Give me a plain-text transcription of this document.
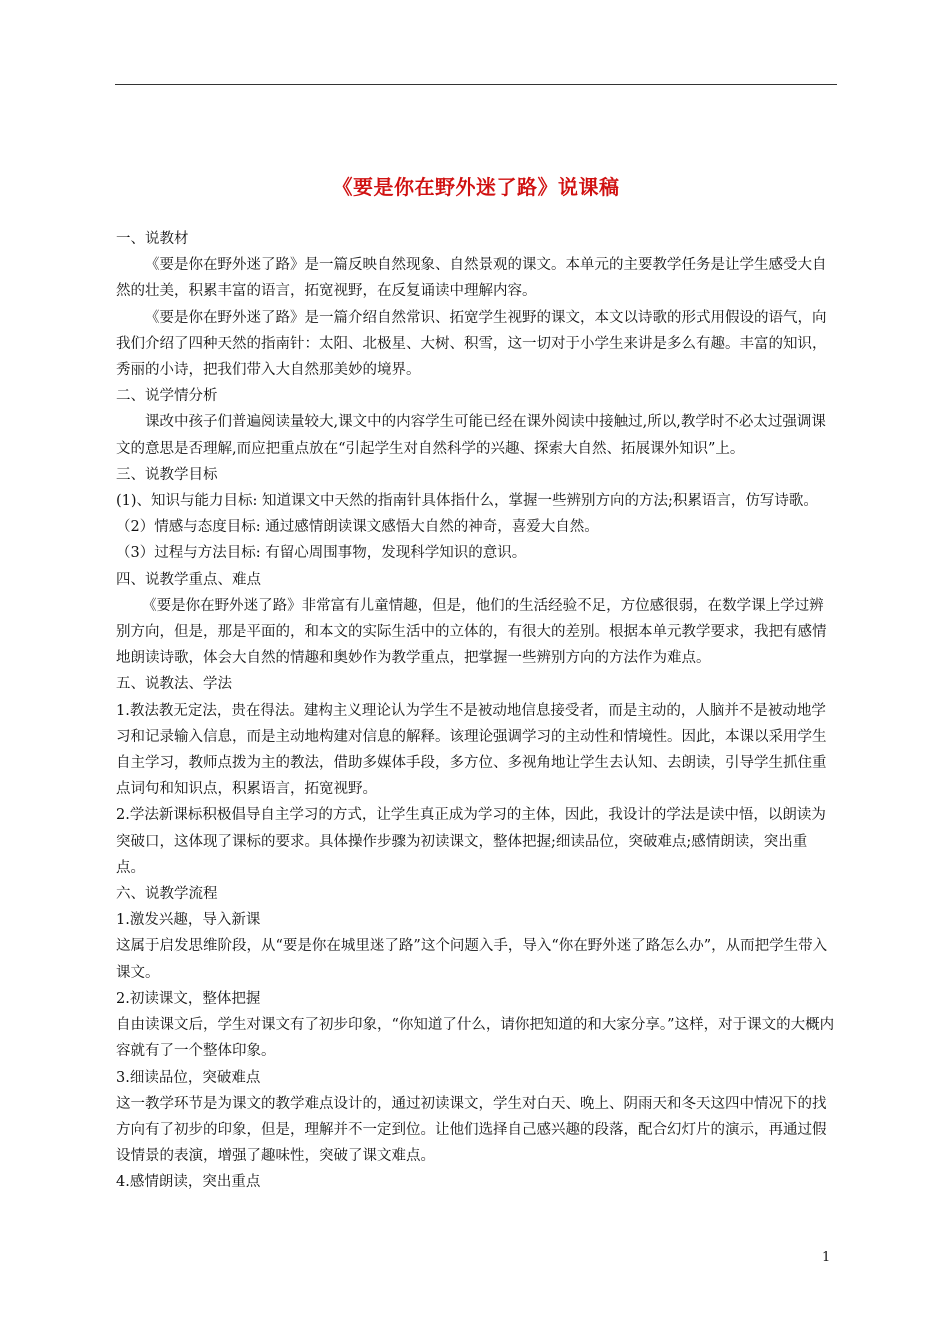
《要是你在野外迷了路》说课稿

一、说教材

《要是你在野外迷了路》是一篇反映自然现象、自然景观的课文。本单元的主要教学任务是让学生感受大自然的壮美，积累丰富的语言，拓宽视野，在反复诵读中理解内容。

《要是你在野外迷了路》是一篇介绍自然常识、拓宽学生视野的课文，本文以诗歌的形式用假设的语气，向我们介绍了四种天然的指南针：太阳、北极星、大树、积雪，这一切对于小学生来讲是多么有趣。丰富的知识，秀丽的小诗，把我们带入大自然那美妙的境界。

二、说学情分析

课改中孩子们普遍阅读量较大,课文中的内容学生可能已经在课外阅读中接触过,所以,教学时不必太过强调课文的意思是否理解,而应把重点放在“引起学生对自然科学的兴趣、探索大自然、拓展课外知识”上。

三、说教学目标

(1)、知识与能力目标: 知道课文中天然的指南针具体指什么，掌握一些辨别方向的方法;积累语言，仿写诗歌。

（2）情感与态度目标: 通过感情朗读课文感悟大自然的神奇，喜爱大自然。

（3）过程与方法目标: 有留心周围事物，发现科学知识的意识。

四、说教学重点、难点

《要是你在野外迷了路》非常富有儿童情趣，但是，他们的生活经验不足，方位感很弱，在数学课上学过辨别方向，但是，那是平面的，和本文的实际生活中的立体的，有很大的差别。根据本单元教学要求，我把有感情地朗读诗歌，体会大自然的情趣和奥妙作为教学重点，把掌握一些辨别方向的方法作为难点。

五、说教法、学法

1.教法教无定法，贵在得法。建构主义理论认为学生不是被动地信息接受者，而是主动的，人脑并不是被动地学习和记录输入信息，而是主动地构建对信息的解释。该理论强调学习的主动性和情境性。因此，本课以采用学生自主学习，教师点拨为主的教法，借助多媒体手段，多方位、多视角地让学生去认知、去朗读，引导学生抓住重点词句和知识点，积累语言，拓宽视野。

2.学法新课标积极倡导自主学习的方式，让学生真正成为学习的主体，因此，我设计的学法是读中悟，以朗读为突破口，这体现了课标的要求。具体操作步骤为初读课文，整体把握;细读品位，突破难点;感情朗读，突出重点。

六、说教学流程

1.激发兴趣，导入新课

这属于启发思维阶段，从“要是你在城里迷了路”这个问题入手，导入“你在野外迷了路怎么办”，从而把学生带入课文。

2.初读课文，整体把握

自由读课文后，学生对课文有了初步印象，“你知道了什么，请你把知道的和大家分享。”这样，对于课文的大概内容就有了一个整体印象。

3.细读品位，突破难点

这一教学环节是为课文的教学难点设计的，通过初读课文，学生对白天、晚上、阴雨天和冬天这四中情况下的找方向有了初步的印象，但是，理解并不一定到位。让他们选择自己感兴趣的段落，配合幻灯片的演示，再通过假设情景的表演，增强了趣味性，突破了课文难点。

4.感情朗读，突出重点

1
